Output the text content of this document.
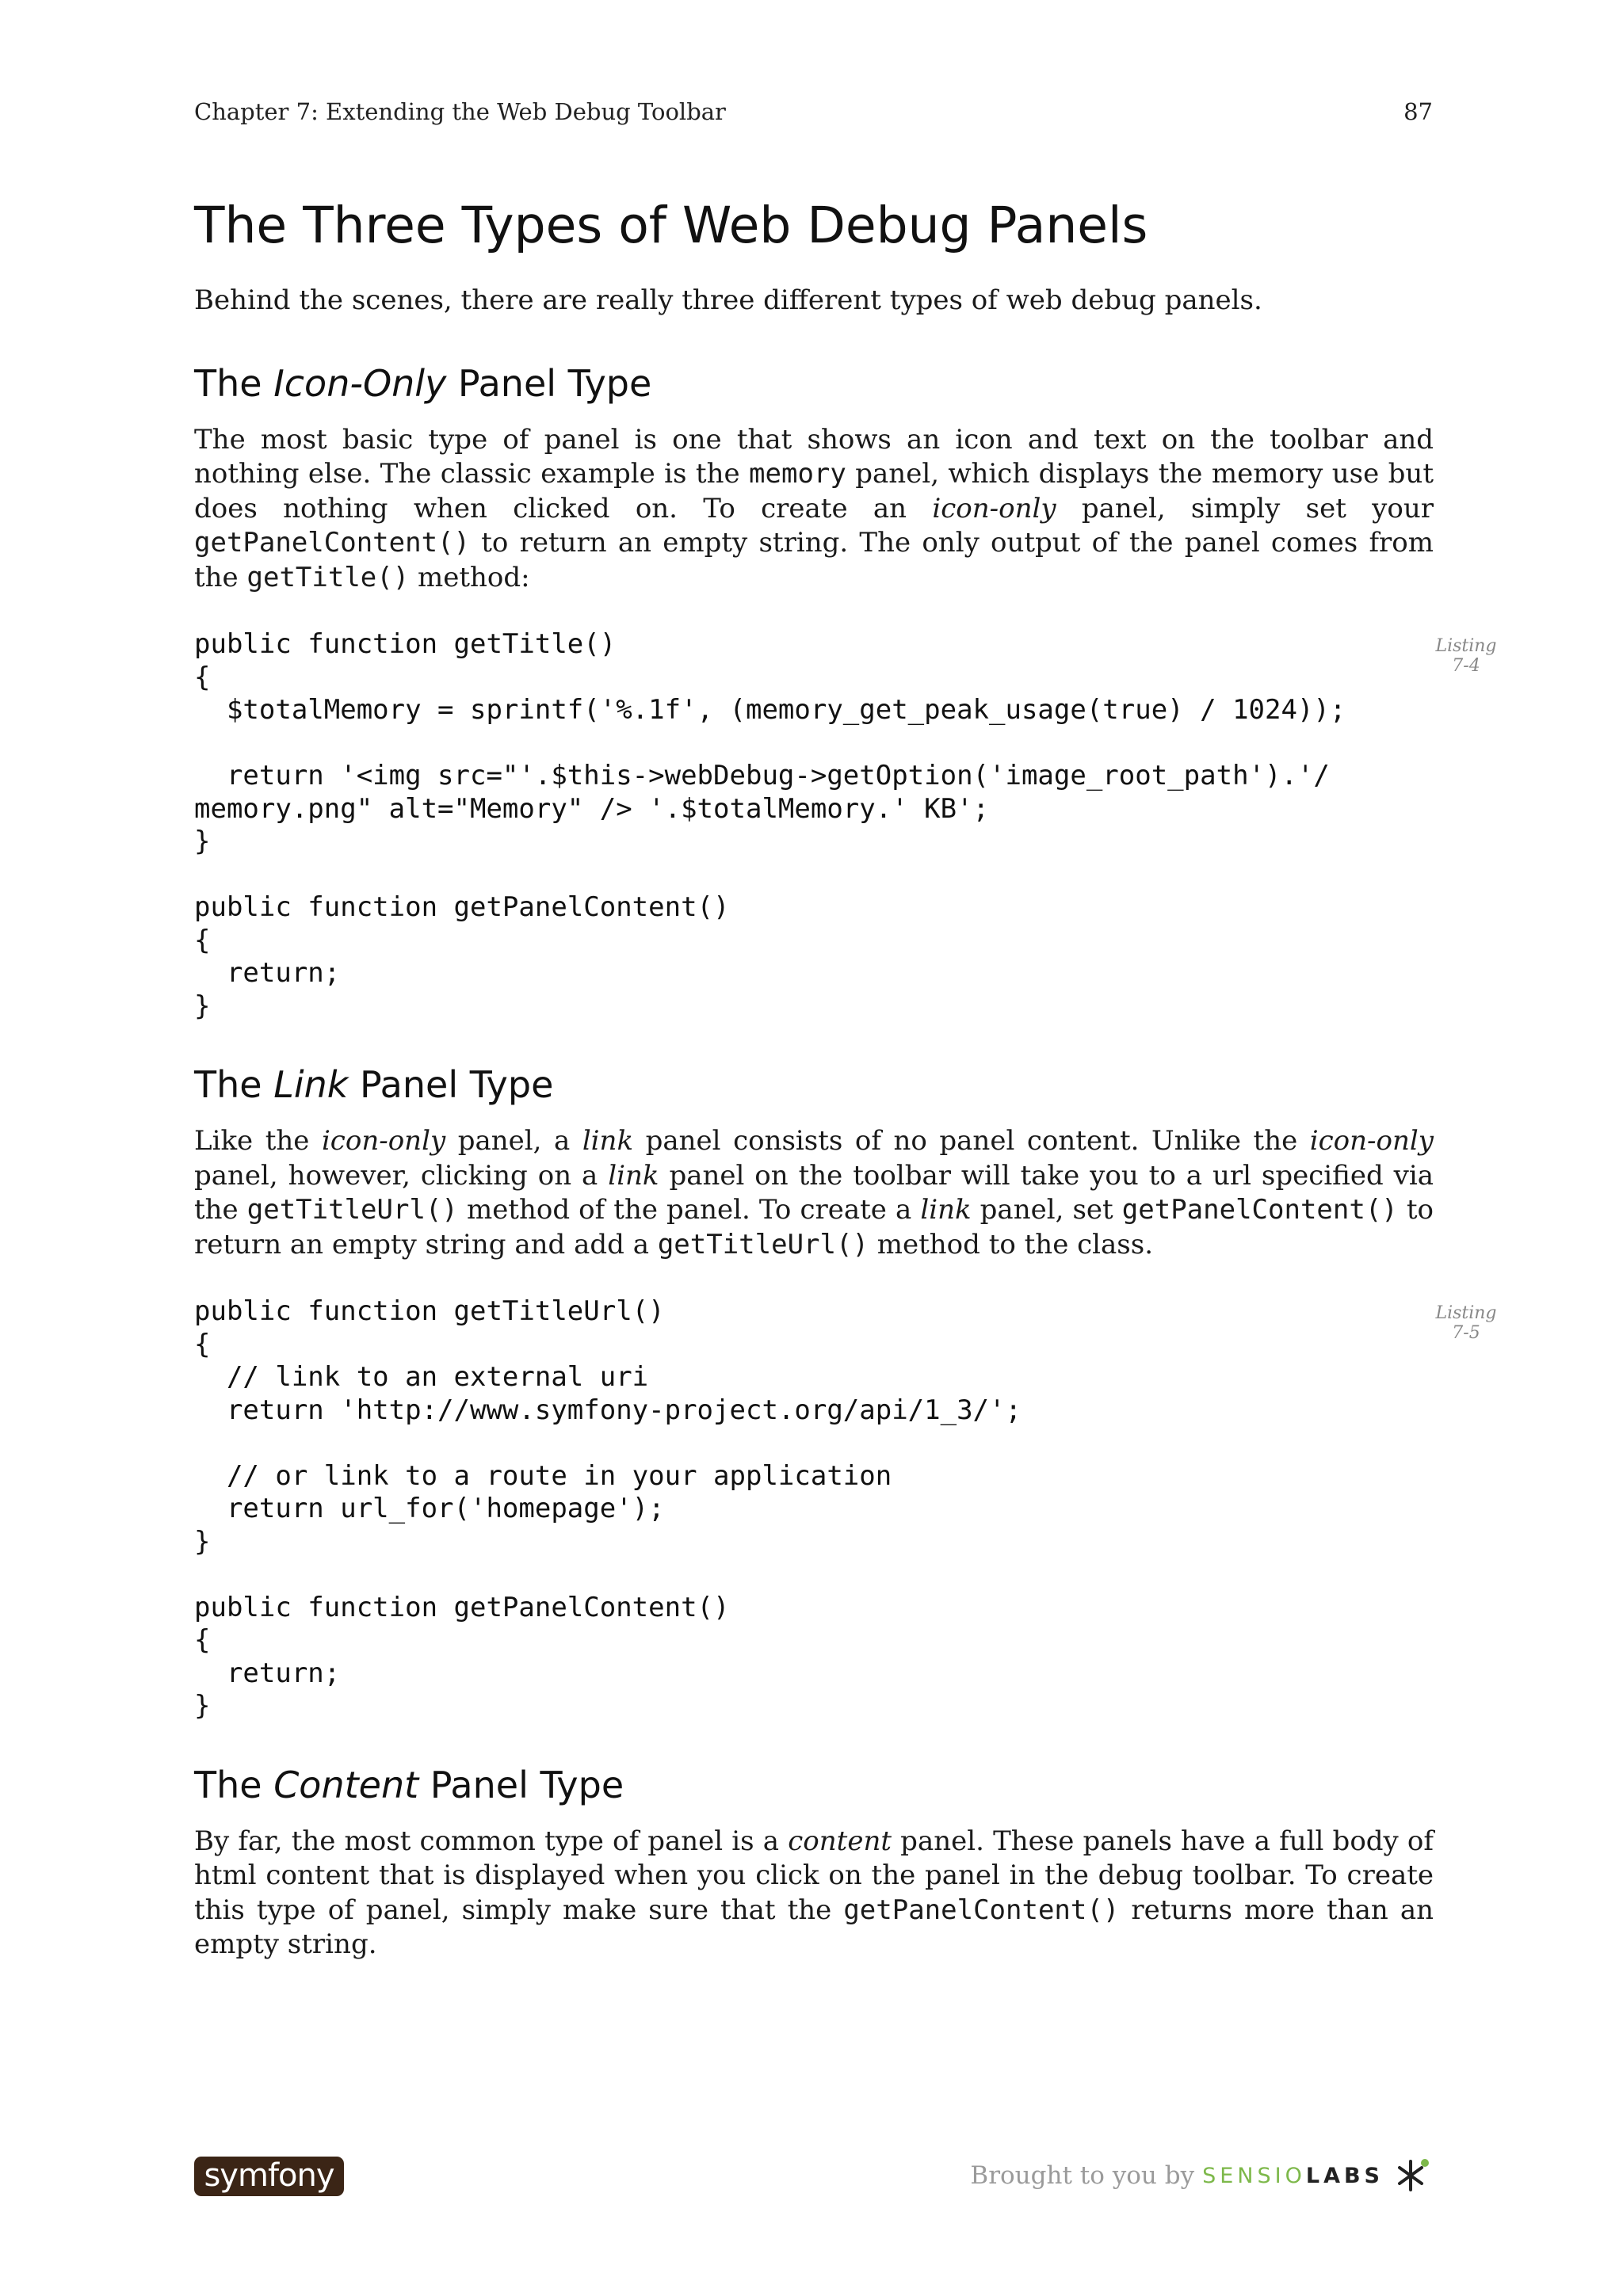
Chapter 7: Extending the Web Debug Toolbar	87
The Three Types of Web Debug Panels

Behind the scenes, there are really three different types of web debug panels.

The Icon-Only Panel Type

The most basic type of panel is one that shows an icon and text on the toolbar and nothing else. The classic example is the memory panel, which displays the memory use but does nothing when clicked on. To create an icon-only panel, simply set your getPanelContent() to return an empty string. The only output of the panel comes from the getTitle() method:

public function getTitle()
{
$totalMemory = sprintf('%.1f', (memory_get_peak_usage(true) / 1024));

return '<img src="'.$this->webDebug->getOption('image_root_path').'/
memory.png" alt="Memory" /> '.$totalMemory.' KB';
}

public function getPanelContent()
{
return;
}
Listing
7-4
The Link Panel Type

Like the icon-only panel, a link panel consists of no panel content. Unlike the icon-only panel, however, clicking on a link panel on the toolbar will take you to a url specified via the getTitleUrl() method of the panel. To create a link panel, set getPanelContent() to return an empty string and add a getTitleUrl() method to the class.

public function getTitleUrl()
{
// link to an external uri
return 'http://www.symfony-project.org/api/1_3/';

// or link to a route in your application
return url_for('homepage');
}

public function getPanelContent()
{
return;
}
Listing
7-5
The Content Panel Type

By far, the most common type of panel is a content panel. These panels have a full body of html content that is displayed when you click on the panel in the debug toolbar. To create this type of panel, simply make sure that the getPanelContent() returns more than an empty string.

symfony	Brought to you by SENSIO LABS
